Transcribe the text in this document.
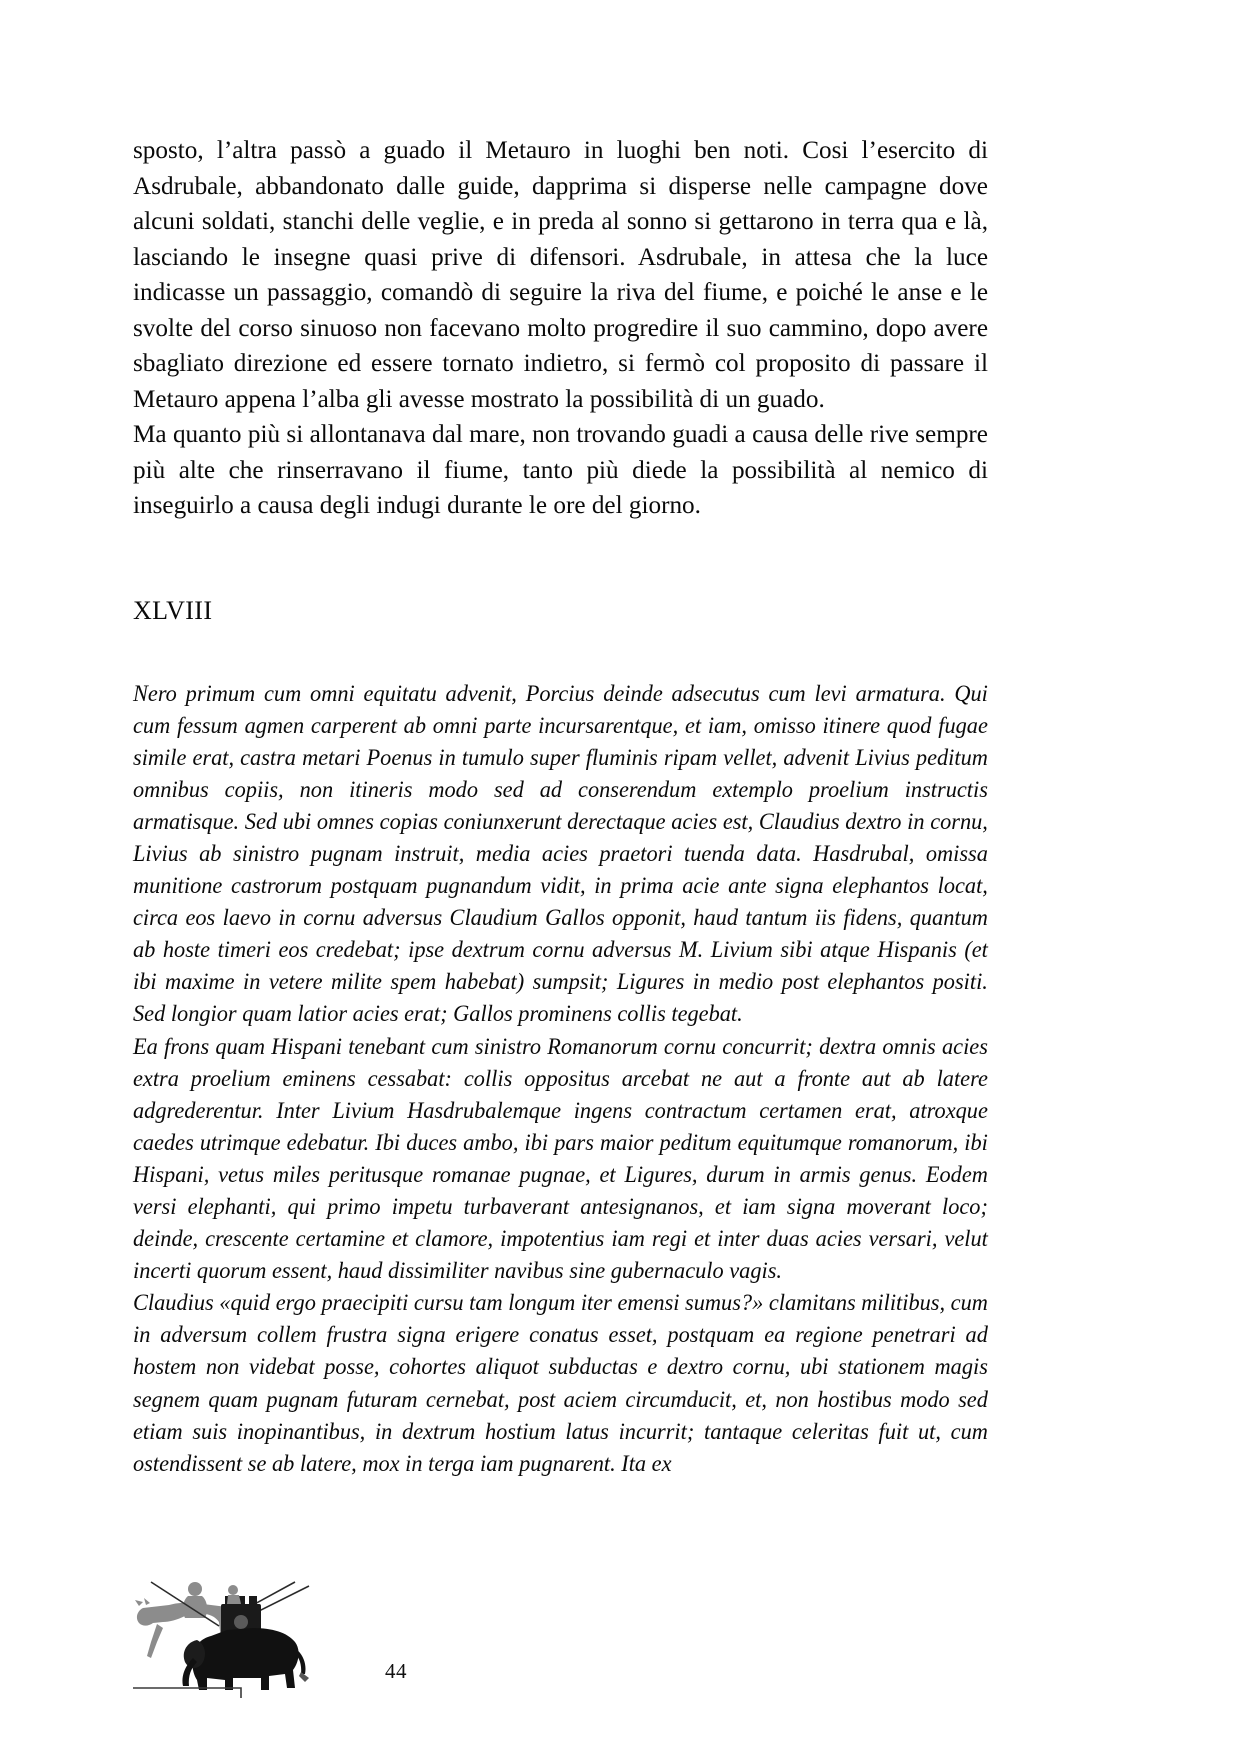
sposto, l’altra passò a guado il Metauro in luoghi ben noti. Cosi l’esercito di Asdrubale, abbandonato dalle guide, dapprima si disperse nelle campagne dove alcuni soldati, stanchi delle veglie, e in preda al sonno si gettarono in terra qua e là, lasciando le insegne quasi prive di difensori. Asdrubale, in attesa che la luce indicasse un passaggio, comandò di seguire la riva del fiume, e poiché le anse e le svolte del corso sinuoso non facevano molto progredire il suo cammino, dopo avere sbagliato direzione ed essere tornato indietro, si fermò col proposito di passare il Metauro appena l’alba gli avesse mostrato la possibilità di un guado.

Ma quanto più si allontanava dal mare, non trovando guadi a causa delle rive sempre più alte che rinserravano il fiume, tanto più diede la possibilità al nemico di inseguirlo a causa degli indugi durante le ore del giorno.

XLVIII

Nero primum cum omni equitatu advenit, Porcius deinde adsecutus cum levi armatura. Qui cum fessum agmen carperent ab omni parte incursarentque, et iam, omisso itinere quod fugae simile erat, castra metari Poenus in tumulo super fluminis ripam vellet, advenit Livius peditum omnibus copiis, non itineris modo sed ad conserendum extemplo proelium instructis armatisque. Sed ubi omnes copias coniunxerunt derectaque acies est, Claudius dextro in cornu, Livius ab sinistro pugnam instruit, media acies praetori tuenda data. Hasdrubal, omissa munitione castrorum postquam pugnandum vidit, in prima acie ante signa elephantos locat, circa eos laevo in cornu adversus Claudium Gallos opponit, haud tantum iis fidens, quantum ab hoste timeri eos credebat; ipse dextrum cornu adversus M. Livium sibi atque Hispanis (et ibi maxime in vetere milite spem habebat) sumpsit; Ligures in medio post elephantos positi. Sed longior quam latior acies erat; Gallos prominens collis tegebat.

Ea frons quam Hispani tenebant cum sinistro Romanorum cornu concurrit; dextra omnis acies extra proelium eminens cessabat: collis oppositus arcebat ne aut a fronte aut ab latere adgrederentur. Inter Livium Hasdrubalemque ingens contractum certamen erat, atroxque caedes utrimque edebatur. Ibi duces ambo, ibi pars maior peditum equitumque romanorum, ibi Hispani, vetus miles peritusque romanae pugnae, et Ligures, durum in armis genus. Eodem versi elephanti, qui primo impetu turbaverant antesignanos, et iam signa moverant loco; deinde, crescente certamine et clamore, impotentius iam regi et inter duas acies versari, velut incerti quorum essent, haud dissimiliter navibus sine gubernaculo vagis.

Claudius «quid ergo praecipiti cursu tam longum iter emensi sumus?» clamitans militibus, cum in adversum collem frustra signa erigere conatus esset, postquam ea regione penetrari ad hostem non videbat posse, cohortes aliquot subductas e dextro cornu, ubi stationem magis segnem quam pugnam futuram cernebat, post aciem circumducit, et, non hostibus modo sed etiam suis inopinantibus, in dextrum hostium latus incurrit; tantaque celeritas fuit ut, cum ostendissent se ab latere, mox in terga iam pugnarent. Ita ex

44
